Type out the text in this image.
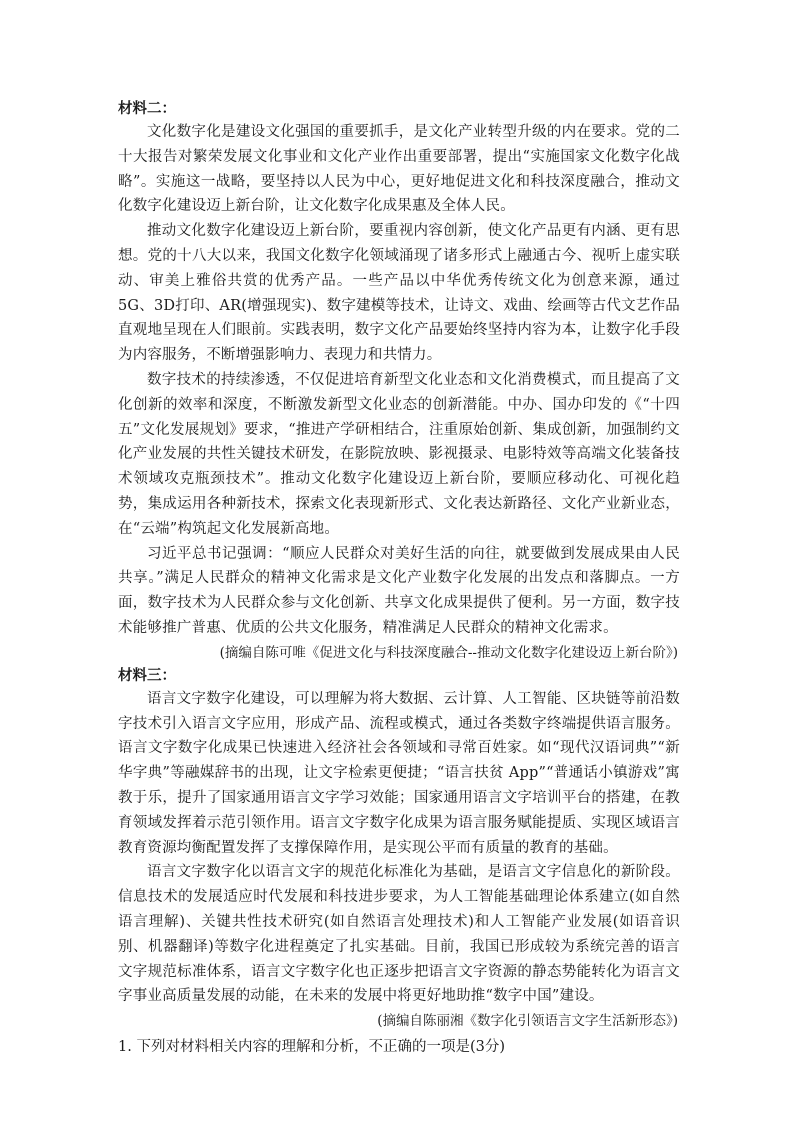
材料二：

文化数字化是建设文化强国的重要抓手，是文化产业转型升级的内在要求。党的二十大报告对繁荣发展文化事业和文化产业作出重要部署，提出“实施国家文化数字化战略”。实施这一战略，要坚持以人民为中心，更好地促进文化和科技深度融合，推动文化数字化建设迈上新台阶，让文化数字化成果惠及全体人民。

推动文化数字化建设迈上新台阶，要重视内容创新，使文化产品更有内涵、更有思想。党的十八大以来，我国文化数字化领域涌现了诸多形式上融通古今、视听上虚实联动、审美上雅俗共赏的优秀产品。一些产品以中华优秀传统文化为创意来源，通过5G、3D打印、AR(增强现实)、数字建模等技术，让诗文、戏曲、绘画等古代文艺作品直观地呈现在人们眼前。实践表明，数字文化产品要始终坚持内容为本，让数字化手段为内容服务，不断增强影响力、表现力和共情力。

数字技术的持续渗透，不仅促进培育新型文化业态和文化消费模式，而且提高了文化创新的效率和深度，不断激发新型文化业态的创新潜能。中办、国办印发的《“十四五”文化发展规划》要求，“推进产学研相结合，注重原始创新、集成创新，加强制约文化产业发展的共性关键技术研发，在影院放映、影视摄录、电影特效等高端文化装备技术领域攻克瓶颈技术”。推动文化数字化建设迈上新台阶，要顺应移动化、可视化趋势，集成运用各种新技术，探索文化表现新形式、文化表达新路径、文化产业新业态，在“云端”构筑起文化发展新高地。

习近平总书记强调：“顺应人民群众对美好生活的向往，就要做到发展成果由人民共享。”满足人民群众的精神文化需求是文化产业数字化发展的出发点和落脚点。一方面，数字技术为人民群众参与文化创新、共享文化成果提供了便利。另一方面，数字技术能够推广普惠、优质的公共文化服务，精准满足人民群众的精神文化需求。

(摘编自陈可唯《促进文化与科技深度融合--推动文化数字化建设迈上新台阶》)

材料三：

语言文字数字化建设，可以理解为将大数据、云计算、人工智能、区块链等前沿数字技术引入语言文字应用，形成产品、流程或模式，通过各类数字终端提供语言服务。语言文字数字化成果已快速进入经济社会各领域和寻常百姓家。如“现代汉语词典”“新华字典”等融媒辞书的出现，让文字检索更便捷；“语言扶贫 App”“普通话小镇游戏”寓教于乐，提升了国家通用语言文字学习效能；国家通用语言文字培训平台的搭建，在教育领域发挥着示范引领作用。语言文字数字化成果为语言服务赋能提质、实现区域语言教育资源均衡配置发挥了支撑保障作用，是实现公平而有质量的教育的基础。

语言文字数字化以语言文字的规范化标准化为基础，是语言文字信息化的新阶段。信息技术的发展适应时代发展和科技进步要求，为人工智能基础理论体系建立(如自然语言理解)、关键共性技术研究(如自然语言处理技术)和人工智能产业发展(如语音识别、机器翻译)等数字化进程奠定了扎实基础。目前，我国已形成较为系统完善的语言文字规范标准体系，语言文字数字化也正逐步把语言文字资源的静态势能转化为语言文字事业高质量发展的动能，在未来的发展中将更好地助推“数字中国”建设。

(摘编自陈丽湘《数字化引领语言文字生活新形态》)

1. 下列对材料相关内容的理解和分析，不正确的一项是(3分)
